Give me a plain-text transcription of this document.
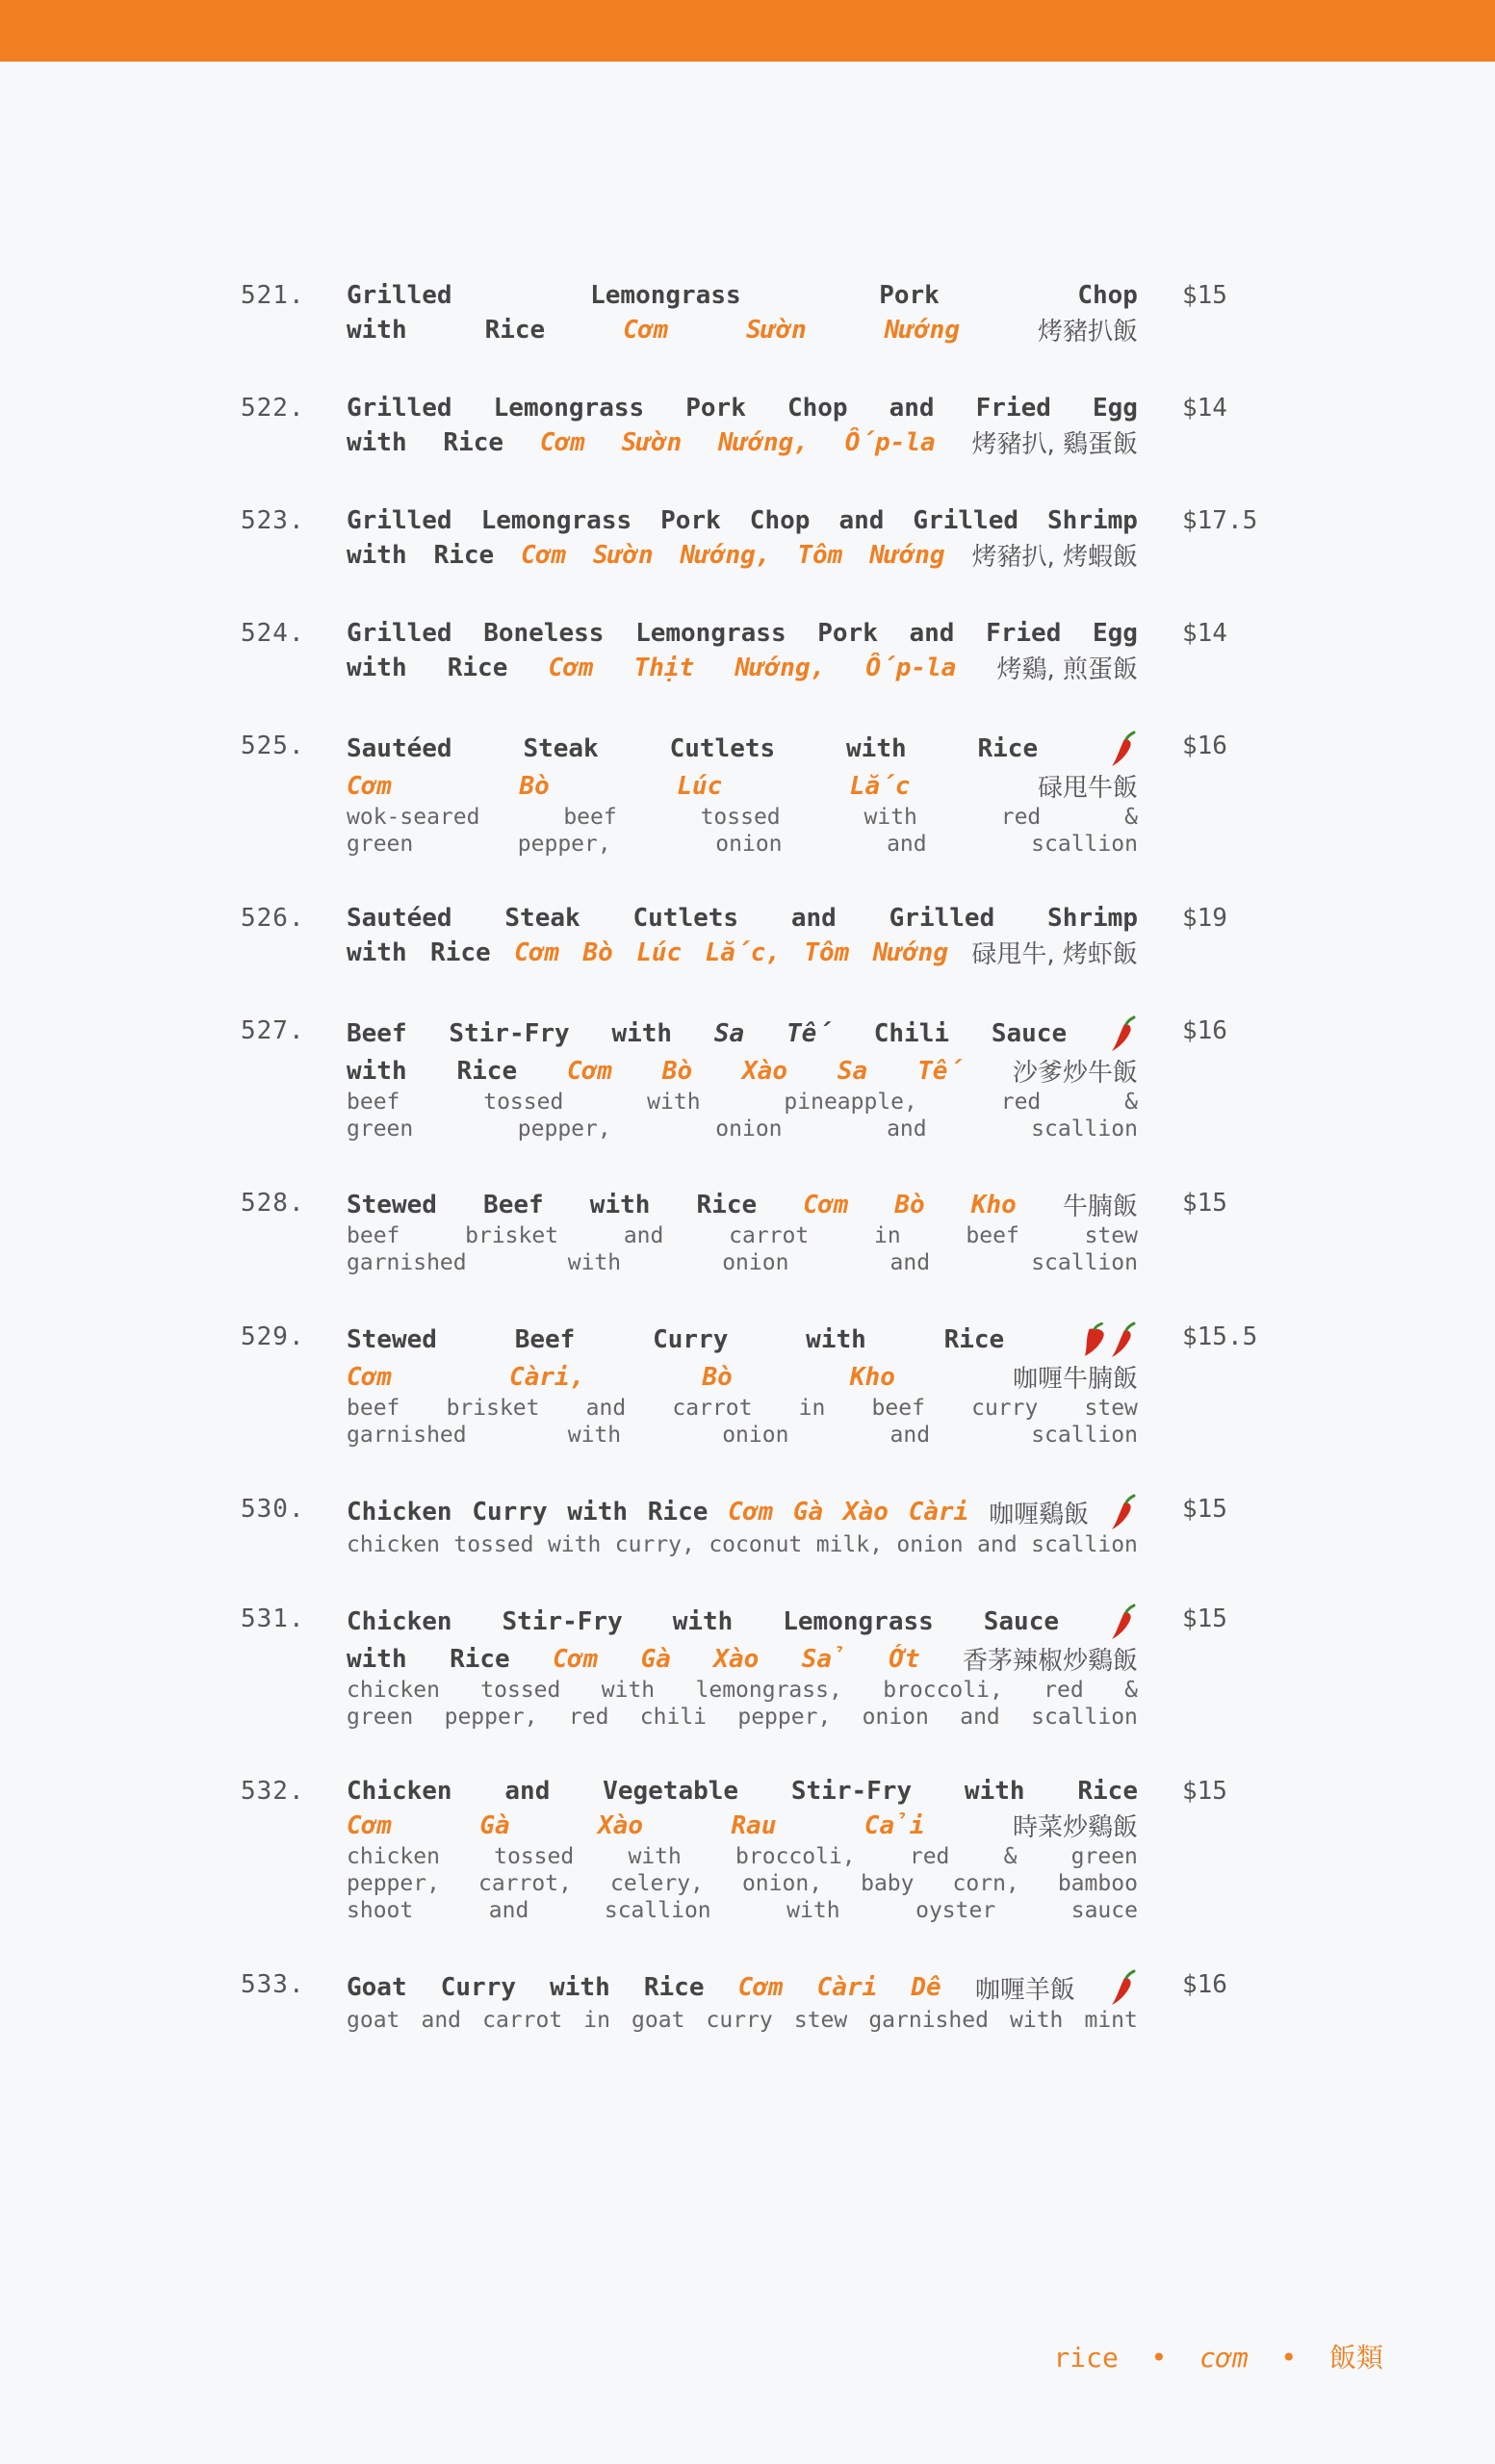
521. Grilled	Lemongrass	Pork	Chop
with	Rice	Cơm	Sườn	Nướng	烤豬扒飯
$15
522. Grilled Lemongrass Pork Chop and Fried Egg
with Rice Cơm Sườn Nướng, Ốp-la 烤豬扒, 鷄蛋飯
$14
523. Grilled Lemongrass Pork Chop and Grilled Shrimp
with Rice Cơm Sườn Nướng, Tôm Nướng 烤豬扒, 烤蝦飯
$17.5
524. Grilled Boneless Lemongrass Pork and Fried Egg
with Rice Cơm Thịt Nướng, Ốp-la 烤鷄, 煎蛋飯
$14
525. Sautéed	Steak	Cutlets	with	Rice
Cơm	Bò	Lúc	Lắc	碌甩牛飯
wok-seared	beef	tossed	with	red	&
green	pepper,	onion	and	scallion
$16
526. Sautéed Steak Cutlets and Grilled Shrimp
with Rice Cơm Bò Lúc Lắc, Tôm Nướng 碌甩牛, 烤虾飯
$19
527. Beef Stir-Fry with Sa Tế Chili Sauce
with Rice Cơm Bò Xào Sa Tế 沙爹炒牛飯
beef	tossed	with	pineapple,	red	&
green	pepper,	onion	and	scallion
$16
528. Stewed Beef with Rice Cơm Bò Kho 牛腩飯
beef	brisket	and	carrot	in	beef	stew
garnished	with	onion	and	scallion
$15
529. Stewed	Beef	Curry	with	Rice
Cơm	Càri,	Bò	Kho	咖喱牛腩飯
beef brisket and carrot in beef curry stew
garnished	with	onion	and	scallion
$15.5
530. Chicken Curry with Rice Cơm Gà Xào Càri 咖喱鷄飯
chicken tossed with curry, coconut milk, onion and scallion
$15
531. Chicken Stir-Fry with Lemongrass Sauce
with Rice Cơm Gà Xào Sả Ớt 香茅辣椒炒鷄飯
chicken tossed with lemongrass, broccoli, red &
green pepper, red chili pepper, onion and scallion
$15
532. Chicken and Vegetable Stir-Fry with Rice
Cơm	Gà	Xào	Rau	Cải	時菜炒鷄飯
chicken tossed with broccoli, red & green
pepper, carrot, celery, onion, baby corn, bamboo
shoot	and	scallion	with	oyster	sauce
$15
533. Goat Curry with Rice Cơm Càri Dê 咖喱羊飯
goat and carrot in goat curry stew garnished with mint
$16
rice • cơm • 飯類
